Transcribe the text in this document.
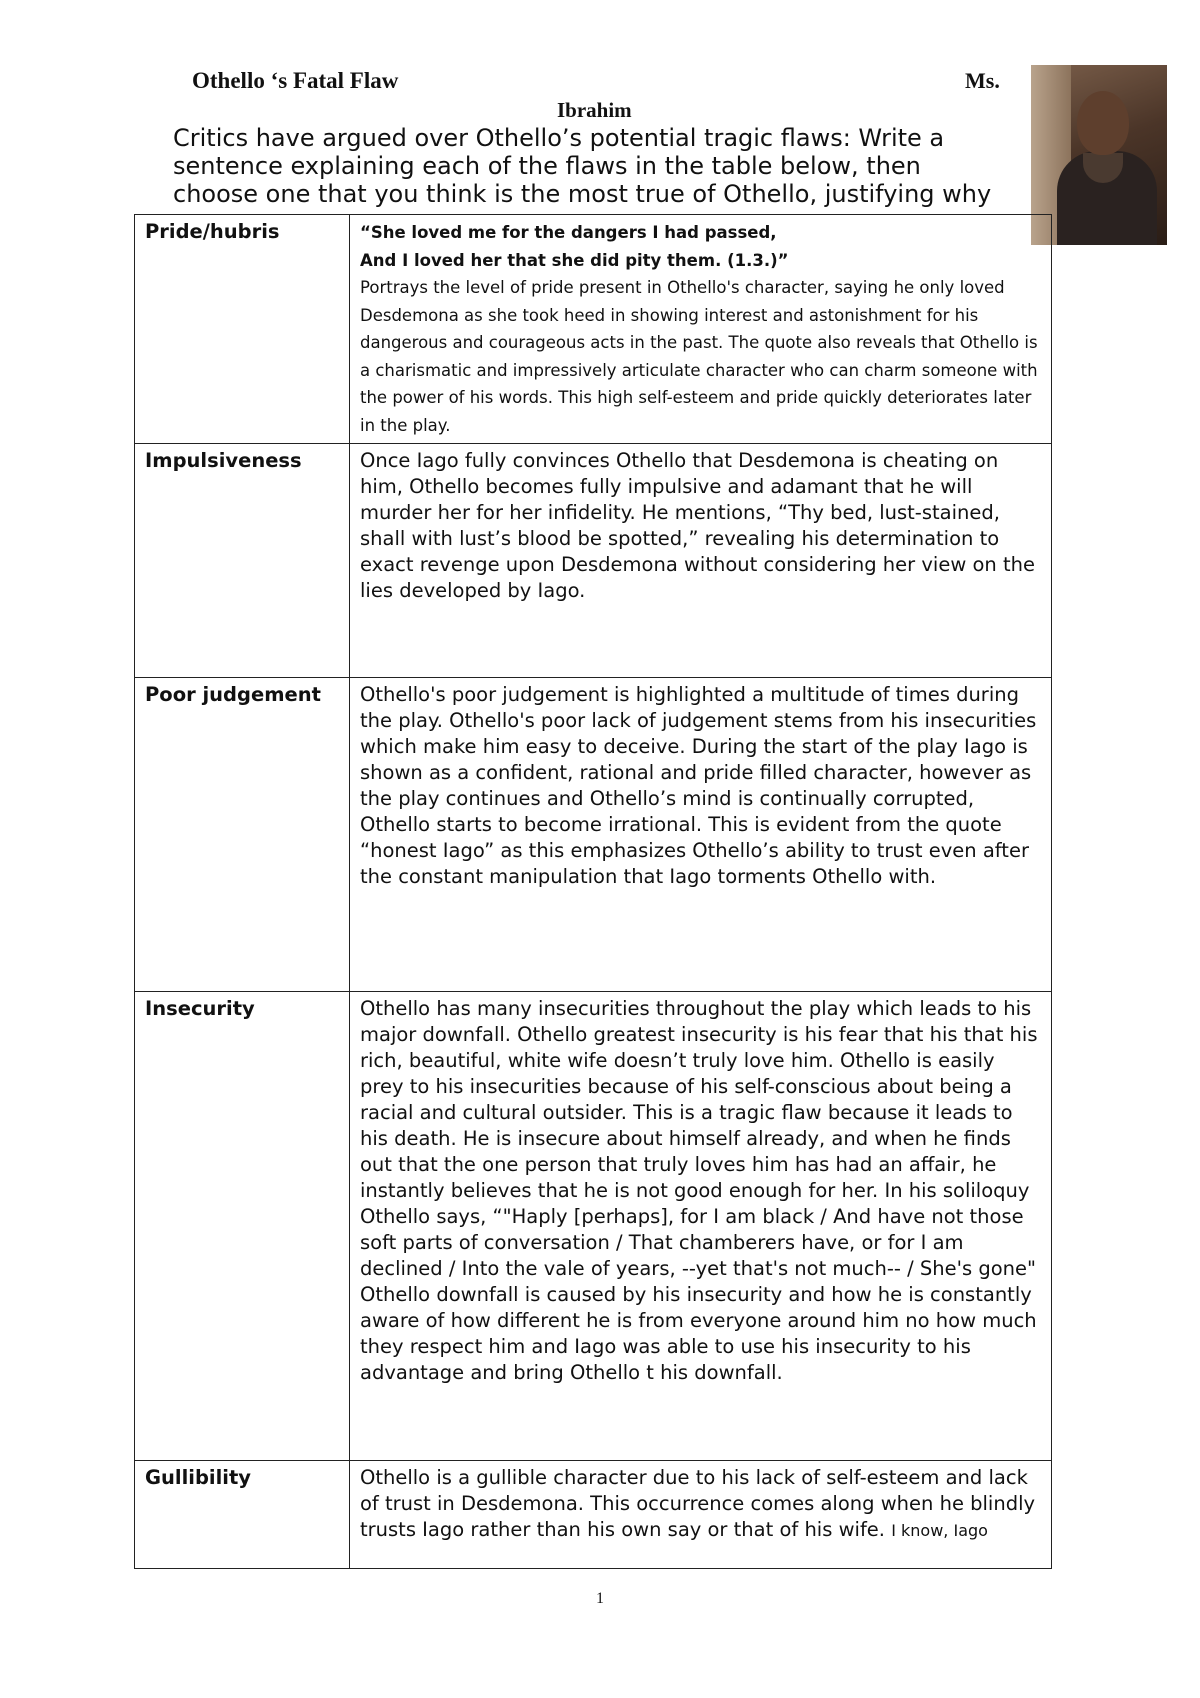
Othello ‘s Fatal Flaw	Ms.
Ibrahim
Critics have argued over Othello’s potential tragic flaws: Write a
sentence explaining each of the flaws in the table below, then
choose one that you think is the most true of Othello, justifying why
Pride/hubris	“She loved me for the dangers I had passed,
And I loved her that she did pity them. (1.3.)”
Portrays the level of pride present in Othello's character, saying he only loved Desdemona as she took heed in showing interest and astonishment for his dangerous and courageous acts in the past. The quote also reveals that Othello is a charismatic and impressively articulate character who can charm someone with the power of his words. This high self-esteem and pride quickly deteriorates later in the play.

Impulsiveness	Once Iago fully convinces Othello that Desdemona is cheating on him, Othello becomes fully impulsive and adamant that he will murder her for her infidelity. He mentions, “Thy bed, lust-stained, shall with lust’s blood be spotted,” revealing his determination to exact revenge upon Desdemona without considering her view on the lies developed by Iago.
Poor judgement	Othello's poor judgement is highlighted a multitude of times during the play. Othello's poor lack of judgement stems from his insecurities which make him easy to deceive. During the start of the play Iago is shown as a confident, rational and pride filled character, however as the play continues and Othello’s mind is continually corrupted, Othello starts to become irrational. This is evident from the quote “honest Iago” as this emphasizes Othello’s ability to trust even after the constant manipulation that Iago torments Othello with.
Insecurity	Othello has many insecurities throughout the play which leads to his major downfall. Othello greatest insecurity is his fear that his that his rich, beautiful, white wife doesn’t truly love him. Othello is easily prey to his insecurities because of his self-conscious about being a racial and cultural outsider. This is a tragic flaw because it leads to his death. He is insecure about himself already, and when he finds out that the one person that truly loves him has had an affair, he instantly believes that he is not good enough for her. In his soliloquy Othello says, “"Haply [perhaps], for I am black / And have not those soft parts of conversation / That chamberers have, or for I am declined / Into the vale of years, --yet that's not much-- / She's gone" Othello downfall is caused by his insecurity and how he is constantly aware of how different he is from everyone around him no how much they respect him and Iago was able to use his insecurity to his advantage and bring Othello t his downfall.
Gullibility	Othello is a gullible character due to his lack of self-esteem and lack of trust in Desdemona. This occurrence comes along when he blindly trusts Iago rather than his own say or that of his wife. I know, Iago
1
